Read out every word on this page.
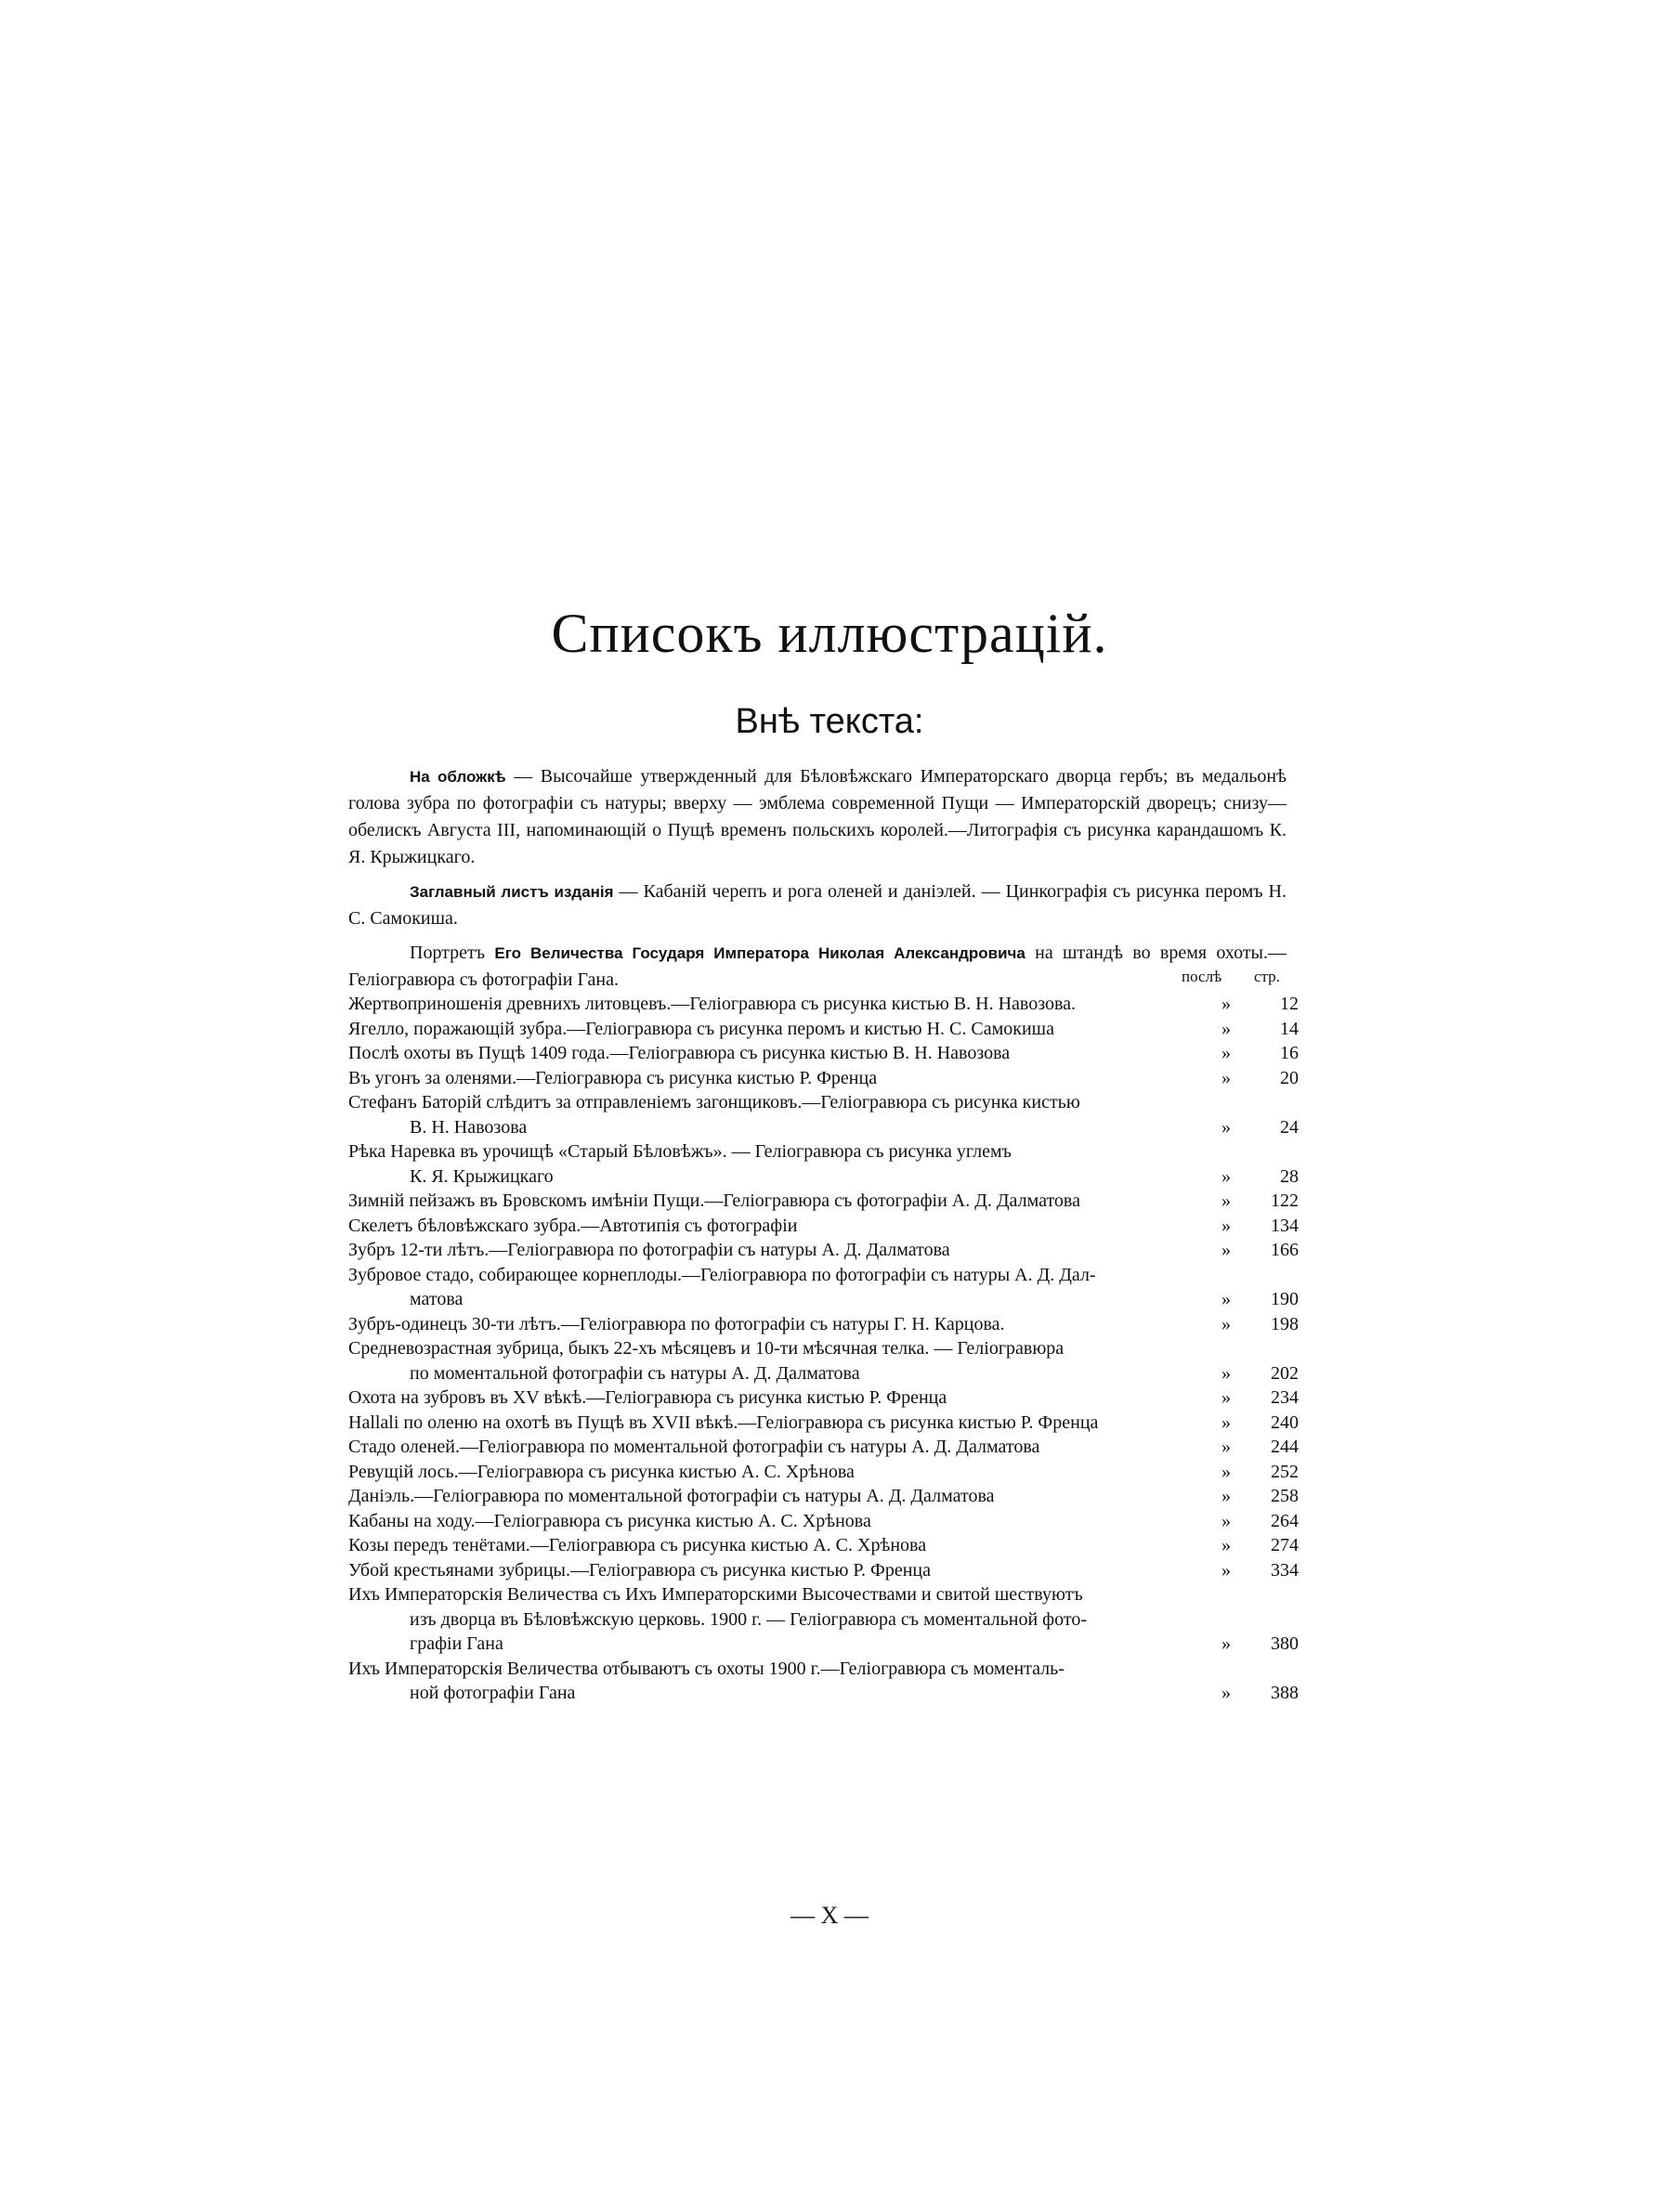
Списокъ иллюстрацій.
Внѣ текста:

На обложкѣ — Высочайше утвержденный для Бѣловѣжскаго Императорскаго дворца гербъ; въ медальонѣ голова зубра по фотографіи съ натуры; вверху — эмблема современной Пущи — Императорскій дворецъ; снизу—обелискъ Августа III, напоминающій о Пущѣ временъ польскихъ королей.—Литографія съ рисунка карандашомъ К. Я. Крыжицкаго.

Заглавный листъ изданія — Кабаній черепъ и рога оленей и даніэлей. — Цинкографія съ рисунка перомъ Н. С. Самокиша.

Портретъ Его Величества Государя Императора Николая Александровича на штандѣ во время охоты.— Геліогравюра съ фотографіи Гана.	послѣ стр.
Жертвоприношенія древнихъ литовцевъ.—Геліогравюра съ рисунка кистью В. Н. Навозова.	»	12
Ягелло, поражающій зубра.—Геліогравюра съ рисунка перомъ и кистью Н. С. Самокиша	»	14
Послѣ охоты въ Пущѣ 1409 года.—Геліогравюра съ рисунка кистью В. Н. Навозова	»	16
Въ угонъ за оленями.—Геліогравюра съ рисунка кистью Р. Френца	»	20
Стефанъ Баторій слѣдитъ за отправленіемъ загонщиковъ.—Геліогравюра съ рисунка кистью
В. Н. Навозова	»	24
Рѣка Наревка въ урочищѣ «Старый Бѣловѣжъ». — Геліогравюра съ рисунка углемъ
К. Я. Крыжицкаго	»	28
Зимній пейзажъ въ Бровскомъ имѣніи Пущи.—Геліогравюра съ фотографіи А. Д. Далматова	»	122
Скелетъ бѣловѣжскаго зубра.—Автотипія съ фотографіи	»	134
Зубръ 12-ти лѣтъ.—Геліогравюра по фотографіи съ натуры А. Д. Далматова	»	166
Зубровое стадо, собирающее корнеплоды.—Геліогравюра по фотографіи съ натуры А. Д. Дал-
матова	»	190
Зубръ-одинецъ 30-ти лѣтъ.—Геліогравюра по фотографіи съ натуры Г. Н. Карцова.	»	198
Средневозрастная зубрица, быкъ 22-хъ мѣсяцевъ и 10-ти мѣсячная телка. — Геліогравюра
по моментальной фотографіи съ натуры А. Д. Далматова	»	202
Охота на зубровъ въ XV вѣкѣ.—Геліогравюра съ рисунка кистью Р. Френца	»	234
Hallali по оленю на охотѣ въ Пущѣ въ XVII вѣкѣ.—Геліогравюра съ рисунка кистью Р. Френца	»	240
Стадо оленей.—Геліогравюра по моментальной фотографіи съ натуры А. Д. Далматова	»	244
Ревущій лось.—Геліогравюра съ рисунка кистью А. С. Хрѣнова	»	252
Даніэль.—Геліогравюра по моментальной фотографіи съ натуры А. Д. Далматова	»	258
Кабаны на ходу.—Геліогравюра съ рисунка кистью А. С. Хрѣнова	»	264
Козы передъ тенётами.—Геліогравюра съ рисунка кистью А. С. Хрѣнова	»	274
Убой крестьянами зубрицы.—Геліогравюра съ рисунка кистью Р. Френца	»	334
Ихъ Императорскія Величества съ Ихъ Императорскими Высочествами и свитой шествуютъ
изъ дворца въ Бѣловѣжскую церковь. 1900 г. — Геліогравюра съ моментальной фото-
графіи Гана	»	380
Ихъ Императорскія Величества отбываютъ съ охоты 1900 г.—Геліогравюра съ моменталь-
ной фотографіи Гана	»	388
— X —
